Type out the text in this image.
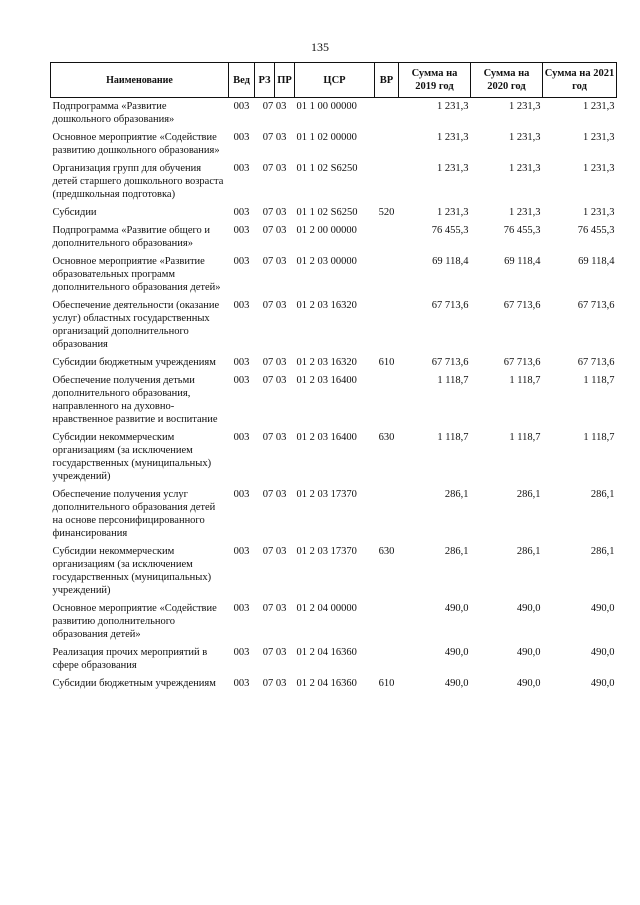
135
Наименование	Вед	РЗ	ПР	ЦСР	ВР	Сумма на 2019 год	Сумма на 2020 год	Сумма на 2021 год
Подпрограмма «Развитие дошкольного образования»	003	07 03		01 1 00 00000		1 231,3	1 231,3	1 231,3
Основное мероприятие «Содействие развитию дошкольного образования»	003	07 03		01 1 02 00000		1 231,3	1 231,3	1 231,3
Организация групп для обучения детей старшего дошкольного возраста (предшкольная подготовка)	003	07 03		01 1 02 S6250		1 231,3	1 231,3	1 231,3
Субсидии	003	07 03		01 1 02 S6250	520	1 231,3	1 231,3	1 231,3
Подпрограмма «Развитие общего и дополнительного образования»	003	07 03		01 2 00 00000		76 455,3	76 455,3	76 455,3
Основное мероприятие «Развитие образовательных программ дополнительного образования детей»	003	07 03		01 2 03 00000		69 118,4	69 118,4	69 118,4
Обеспечение деятельности (оказание услуг) областных государственных организаций дополнительного образования	003	07 03		01 2 03 16320		67 713,6	67 713,6	67 713,6
Субсидии бюджетным учреждениям	003	07 03		01 2 03 16320	610	67 713,6	67 713,6	67 713,6
Обеспечение получения детьми дополнительного образования, направленного на духовно-нравственное развитие и воспитание	003	07 03		01 2 03 16400		1 118,7	1 118,7	1 118,7
Субсидии некоммерческим организациям (за исключением государственных (муниципальных) учреждений)	003	07 03		01 2 03 16400	630	1 118,7	1 118,7	1 118,7
Обеспечение получения услуг дополнительного образования детей на основе персонифицированного финансирования	003	07 03		01 2 03 17370		286,1	286,1	286,1
Субсидии некоммерческим организациям (за исключением государственных (муниципальных) учреждений)	003	07 03		01 2 03 17370	630	286,1	286,1	286,1
Основное мероприятие «Содействие развитию дополнительного образования детей»	003	07 03		01 2 04 00000		490,0	490,0	490,0
Реализация прочих мероприятий в сфере образования	003	07 03		01 2 04 16360		490,0	490,0	490,0
Субсидии бюджетным учреждениям	003	07 03		01 2 04 16360	610	490,0	490,0	490,0
